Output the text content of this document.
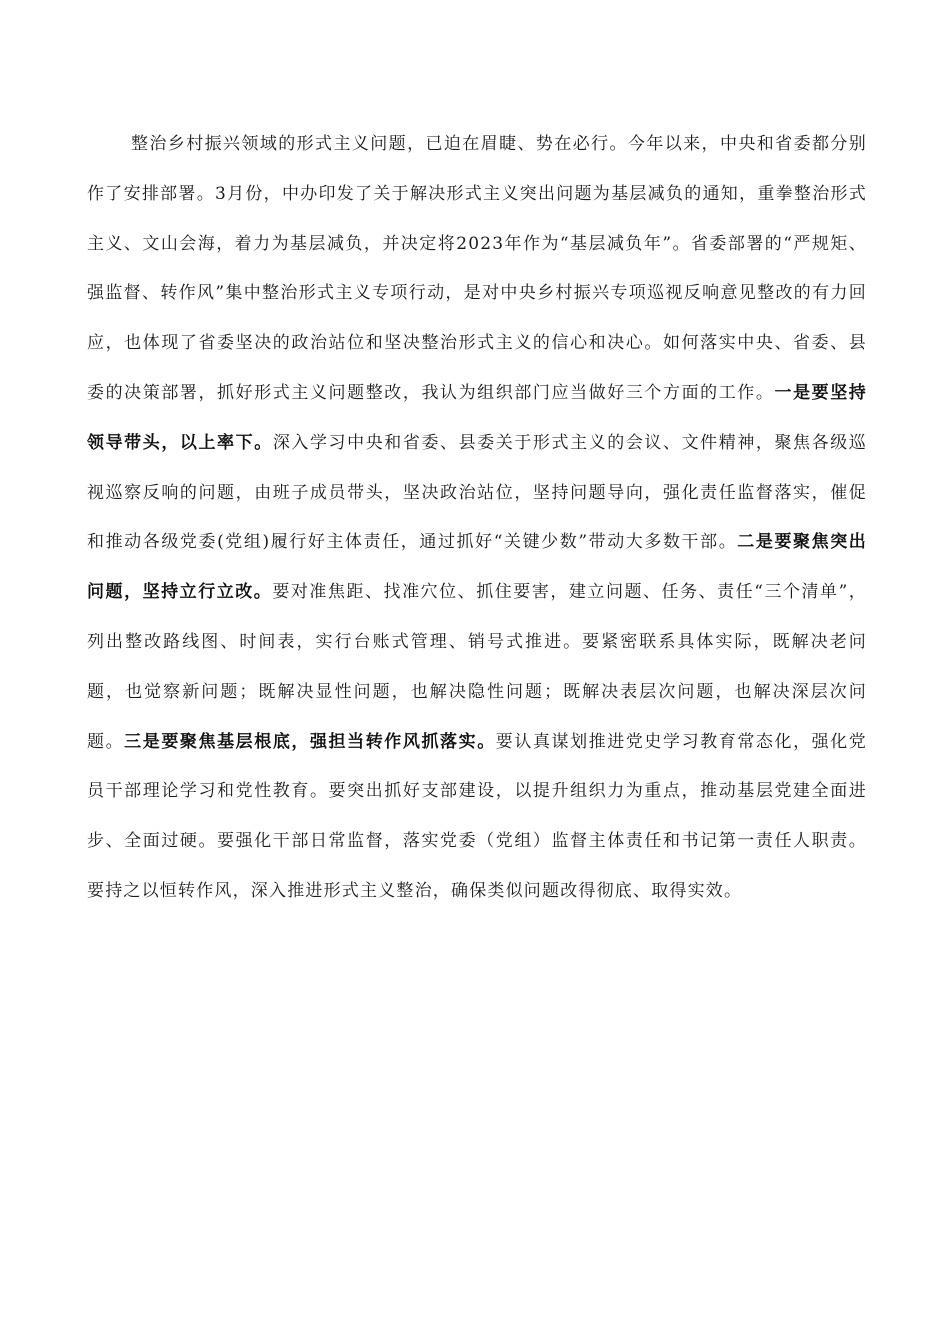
整治乡村振兴领域的形式主义问题，已迫在眉睫、势在必行。今年以来，中央和省委都分别作了安排部署。3月份，中办印发了关于解决形式主义突出问题为基层减负的通知，重拳整治形式主义、文山会海，着力为基层减负，并决定将2023年作为“基层减负年”。省委部署的“严规矩、强监督、转作风”集中整治形式主义专项行动，是对中央乡村振兴专项巡视反响意见整改的有力回应，也体现了省委坚决的政治站位和坚决整治形式主义的信心和决心。如何落实中央、省委、县委的决策部署，抓好形式主义问题整改，我认为组织部门应当做好三个方面的工作。一是要坚持领导带头，以上率下。深入学习中央和省委、县委关于形式主义的会议、文件精神，聚焦各级巡视巡察反响的问题，由班子成员带头，坚决政治站位，坚持问题导向，强化责任监督落实，催促和推动各级党委(党组)履行好主体责任，通过抓好“关键少数”带动大多数干部。二是要聚焦突出问题，坚持立行立改。要对准焦距、找准穴位、抓住要害，建立问题、任务、责任“三个清单”，列出整改路线图、时间表，实行台账式管理、销号式推进。要紧密联系具体实际，既解决老问题，也觉察新问题；既解决显性问题，也解决隐性问题；既解决表层次问题，也解决深层次问题。三是要聚焦基层根底，强担当转作风抓落实。要认真谋划推进党史学习教育常态化，强化党员干部理论学习和党性教育。要突出抓好支部建设，以提升组织力为重点，推动基层党建全面进步、全面过硬。要强化干部日常监督，落实党委（党组）监督主体责任和书记第一责任人职责。要持之以恒转作风，深入推进形式主义整治，确保类似问题改得彻底、取得实效。
